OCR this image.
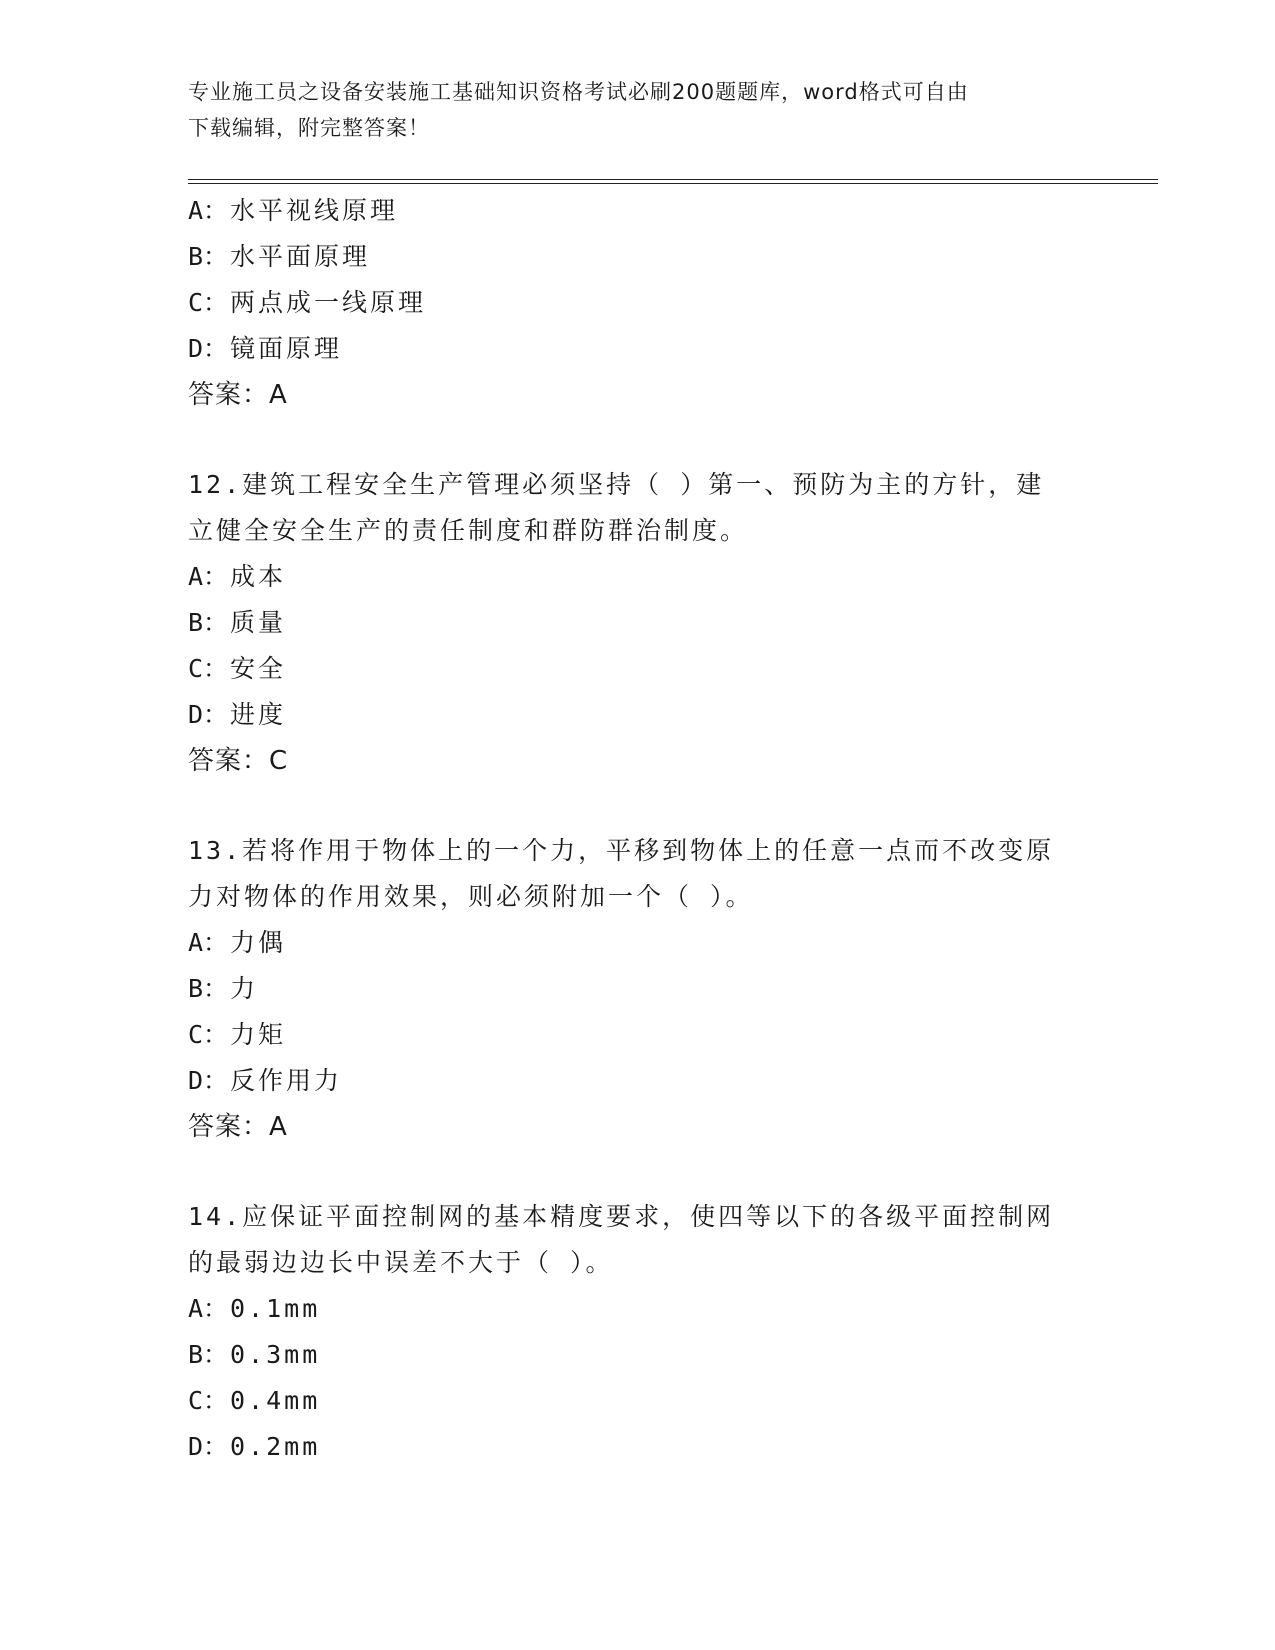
专业施工员之设备安装施工基础知识资格考试必刷200题题库，word格式可自由
下载编辑，附完整答案！
A：水平视线原理
B：水平面原理
C：两点成一线原理
D：镜面原理
答案：A
12.建筑工程安全生产管理必须坚持（ ）第一、预防为主的方针，建
立健全安全生产的责任制度和群防群治制度。
A：成本
B：质量
C：安全
D：进度
答案：C
13.若将作用于物体上的一个力，平移到物体上的任意一点而不改变原
力对物体的作用效果，则必须附加一个（ ）。
A：力偶
B：力
C：力矩
D：反作用力
答案：A
14.应保证平面控制网的基本精度要求，使四等以下的各级平面控制网
的最弱边边长中误差不大于（ ）。
A：0.1mm
B：0.3mm
C：0.4mm
D：0.2mm
